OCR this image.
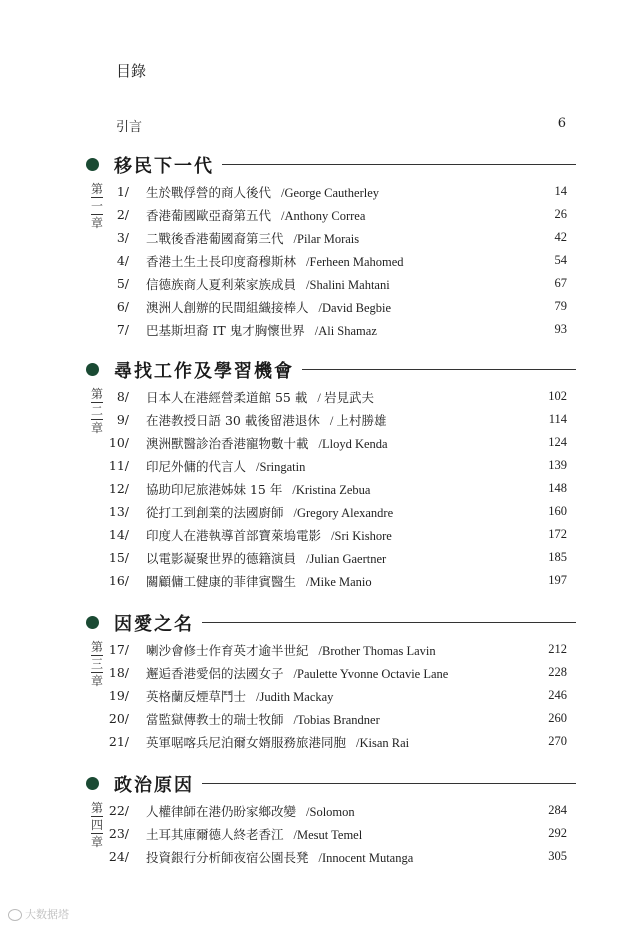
目錄
引言	6
移民下一代
第
一
章
1/ 生於戰俘營的商人後代 /George Cautherley	14
2/ 香港葡國歐亞裔第五代 /Anthony Correa	26
3/ 二戰後香港葡國裔第三代 /Pilar Morais	42
4/ 香港土生土長印度裔穆斯林 /Ferheen Mahomed	54
5/ 信德族商人夏利萊家族成員 /Shalini Mahtani	67
6/ 澳洲人創辦的民間組織接棒人 /David Begbie	79
7/ 巴基斯坦裔 IT 鬼才胸懷世界 /Ali Shamaz	93
尋找工作及學習機會
第
二
章
8/ 日本人在港經營柔道館 55 載 / 岩見武夫	102
9/ 在港教授日語 30 載後留港退休 / 上村勝雄	114
10/ 澳洲獸醫診治香港寵物數十載 /Lloyd Kenda	124
11/ 印尼外傭的代言人 /Sringatin	139
12/ 協助印尼旅港姊妹 15 年 /Kristina Zebua	148
13/ 從打工到創業的法國廚師 /Gregory Alexandre	160
14/ 印度人在港執導首部寶萊塢電影 /Sri Kishore	172
15/ 以電影凝聚世界的德籍演員 /Julian Gaertner	185
16/ 關顧傭工健康的菲律賓醫生 /Mike Manio	197
因愛之名
第
三
章
17/ 喇沙會修士作育英才逾半世紀 /Brother Thomas Lavin	212
18/ 邂逅香港愛侶的法國女子 /Paulette Yvonne Octavie Lane	228
19/ 英格蘭反煙草鬥士 /Judith Mackay	246
20/ 當監獄傳教士的瑞士牧師 /Tobias Brandner	260
21/ 英軍啹喀兵尼泊爾女婿服務旅港同胞 /Kisan Rai	270
政治原因
第
四
章
22/ 人權律師在港仍盼家鄉改變 /Solomon	284
23/ 土耳其庫爾德人終老香江 /Mesut Temel	292
24/ 投資銀行分析師夜宿公園長凳 /Innocent Mutanga	305
大数据塔
